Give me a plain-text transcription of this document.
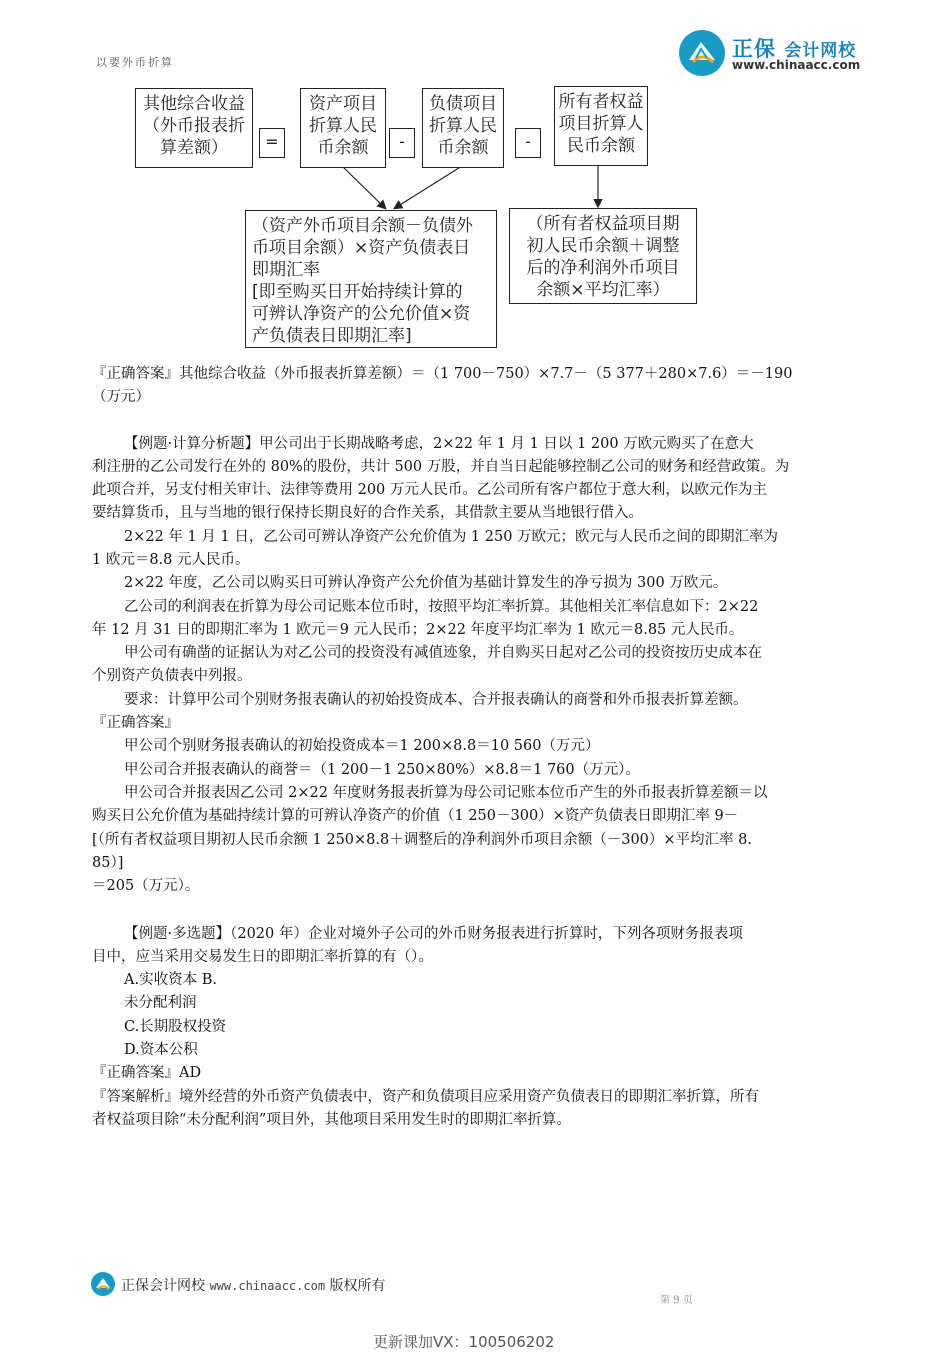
以要外币折算
正保 会计网校
www.chinaacc.com
其他综合收益
（外币报表折
算差额）	=
资产项目
折算人民
币余额	-
负债项目
折算人民
币余额	-
所有者权益
项目折算人
民币余额
（资产外币项目余额－负债外
币项目余额）×资产负债表日
即期汇率
[即至购买日开始持续计算的
可辨认净资产的公允价值×资
产负债表日即期汇率]
（所有者权益项目期
初人民币余额＋调整
后的净利润外币项目
余额×平均汇率）
『正确答案』其他综合收益（外币报表折算差额）＝（1 700－750）×7.7－（5 377＋280×7.6）＝－190
（万元）
【例题·计算分析题】甲公司出于长期战略考虑，2×22 年 1 月 1 日以 1 200 万欧元购买了在意大
利注册的乙公司发行在外的 80%的股份，共计 500 万股，并自当日起能够控制乙公司的财务和经营政策。为
此项合并，另支付相关审计、法律等费用 200 万元人民币。乙公司所有客户都位于意大利，以欧元作为主
要结算货币，且与当地的银行保持长期良好的合作关系，其借款主要从当地银行借入。
2×22 年 1 月 1 日，乙公司可辨认净资产公允价值为 1 250 万欧元；欧元与人民币之间的即期汇率为
1 欧元＝8.8 元人民币。
2×22 年度，乙公司以购买日可辨认净资产公允价值为基础计算发生的净亏损为 300 万欧元。
乙公司的利润表在折算为母公司记账本位币时，按照平均汇率折算。其他相关汇率信息如下：2×22
年 12 月 31 日的即期汇率为 1 欧元＝9 元人民币；2×22 年度平均汇率为 1 欧元＝8.85 元人民币。
甲公司有确凿的证据认为对乙公司的投资没有减值迹象，并自购买日起对乙公司的投资按历史成本在
个别资产负债表中列报。
要求：计算甲公司个别财务报表确认的初始投资成本、合并报表确认的商誉和外币报表折算差额。
『正确答案』
甲公司个别财务报表确认的初始投资成本＝1 200×8.8＝10 560（万元）
甲公司合并报表确认的商誉＝（1 200－1 250×80%）×8.8＝1 760（万元）。
甲公司合并报表因乙公司 2×22 年度财务报表折算为母公司记账本位币产生的外币报表折算差额＝以
购买日公允价值为基础持续计算的可辨认净资产的价值（1 250－300）×资产负债表日即期汇率 9－
[（所有者权益项目期初人民币余额 1 250×8.8＋调整后的净利润外币项目余额（－300）×平均汇率 8.
85）]
＝205（万元）。
【例题·多选题】（2020 年）企业对境外子公司的外币财务报表进行折算时，下列各项财务报表项
目中，应当采用交易发生日的即期汇率折算的有（）。
A.实收资本 B.
未分配利润
C.长期股权投资
D.资本公积
『正确答案』AD
『答案解析』境外经营的外币资产负债表中，资产和负债项目应采用资产负债表日的即期汇率折算，所有
者权益项目除“未分配利润”项目外，其他项目采用发生时的即期汇率折算。
正保会计网校 www.chinaacc.com 版权所有
第 9 页
更新课加VX：100506202
